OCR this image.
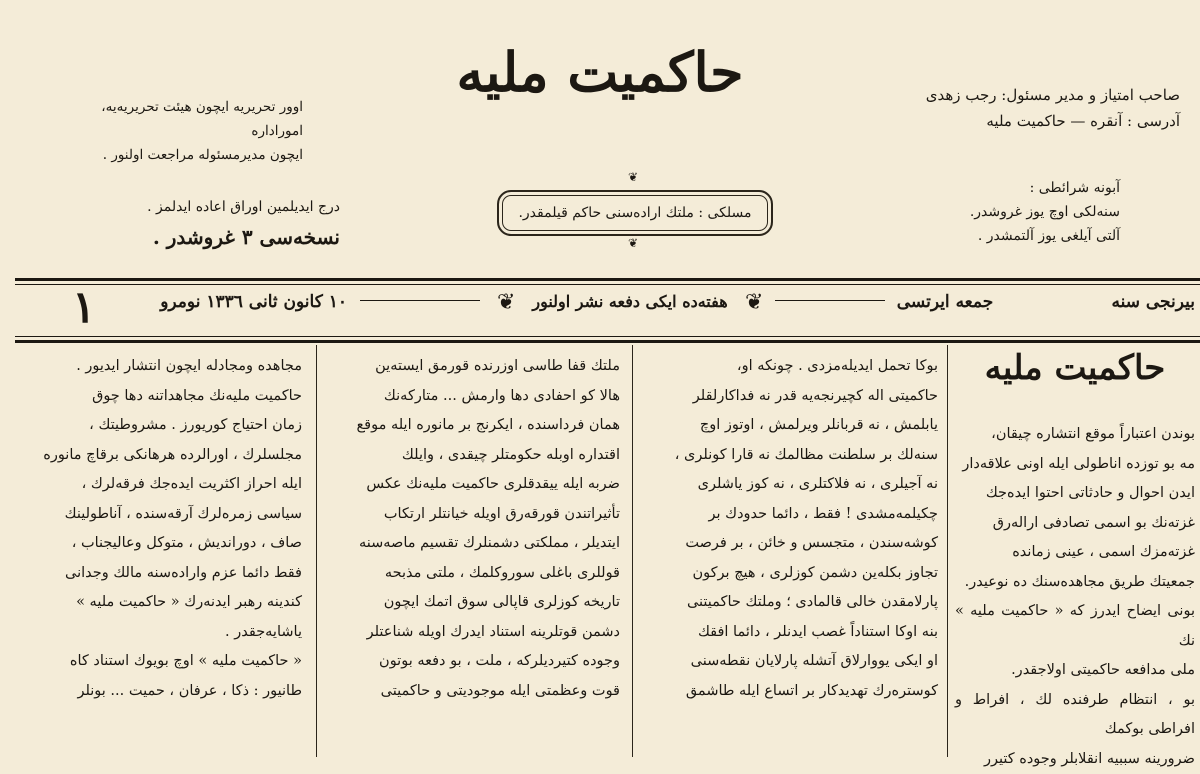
حاكميت مليه
اوور تحريريه ايچون هيئت تحريريه‌يه، اموراداره
ايچون مديرمسئوله مراجعت اولنور .
درج ايديلمين اوراق اعاده ايدلمز .
نسخه‌سی ۳ غروشدر .
صاحب امتياز و مدير مسئول: رجب زهدی
آدرسی : آنقره — حاكميت مليه
آبونه شرائطی :
سنه‌لكی اوچ يوز غروشدر.
آلتی آيلغی يوز آلتمشدر .
❦
مسلكی : ملتك اراده‌سنی حاكم قيلمقدر.
❦
١	١٠ كانون ثانی ١٣٣٦ نومرو	❦	هفته‌ده ايكی دفعه نشر اولنور ❦	جمعه ايرتسی	بيرنجی سنه
حاكميت مليه

بوندن اعتباراً موقع انتشاره چيقان،

مه بو توزده اناطولی ايله اونی علاقه‌دار

ايدن احوال و حادثاتی احتوا ايده‌جك

غزته‌نك بو اسمی تصادفی اراله‌رق

غزته‌مزك اسمی ، عينی زمانده

جمعيتك طريق مجاهده‌سنك ده نوعيدر.

بونی ايضاح ايدرز كه « حاكميت مليه » نك

ملی مدافعه حاكميتی اولاجقدر.

بو ، انتظام طرفنده لك ، افراط و افراطی بوكمك

ضرورينه سببيه انقلابلر وجوده كتيرر

بوكا تحمل ايديله‌مزدی . چونكه او،

حاكميتی اله كچيرنجه‌يه قدر نه فداكارلقلر

يابلمش ، نه قربانلر ويرلمش ، اوتوز اوچ

سنه‌لك بر سلطنت مظالمك نه قارا كونلری ،

نه آجيلری ، نه فلاكتلری ، نه كوز ياشلری

چكيلمه‌مشدی ! فقط ، دائما حدودك بر

كوشه‌سندن ، متجسس و خائن ، بر فرصت

تجاوز بكله‌ين دشمن كوزلری ، هيچ بركون

پارلامقدن خالی قالمادی ؛ وملتك حاكميتنی

بنه اوكا استناداً غصب ايدنلر ، دائما افقك

او ايكی يووارلاق آتشله پارلايان نقطه‌سنی

كوستره‌رك تهديدكار بر اتساع ايله طاشمق

ملتك قفا طاسی اوزرنده قورمق ايسته‌ين

هالا كو احفادی دها وارمش ... متاركه‌نك

همان فرداسنده ، ايكرنج بر مانوره ايله موقع

اقتداره اوبله حكومتلر چيقدی ، وايلك

ضربه ايله ييقدقلری حاكميت مليه‌نك عكس

تأثيراتندن قورقه‌رق اويله خيانتلر ارتكاب

ايتديلر ، مملكتی دشمنلرك تقسيم ماصه‌سنه

قوللری باغلی سوروكلمك ، ملتی مذبحه

تاريخه كوزلری قاپالی سوق اتمك ايچون

دشمن قوتلرينه استناد ايدرك اويله شناعتلر

وجوده كتيرديلركه ، ملت ، بو دفعه بوتون

قوت وعظمتی ايله موجوديتی و حاكميتی

مجاهده ومجادله ايچون انتشار ايديور .

حاكميت مليه‌نك مجاهداتنه دها چوق

زمان احتياج كوريورز . مشروطيتك ،

مجلسلرك ، اورالرده هرهانكی برقاچ مانوره

ايله احراز اكثريت ايده‌جك فرقه‌لرك ،

سياسی زمره‌لرك آرقه‌سنده ، آناطولينك

صاف ، دوراندیش ، متوكل وعاليجناب ،

فقط دائما عزم واراده‌سنه مالك وجدانی

كندينه رهبر ايدنه‌رك « حاكميت مليه »

ياشايه‌جقدر .

« حاكميت مليه » اوچ بويوك استناد كاه

طانيور : ذكا ، عرفان ، حميت ... بونلر
